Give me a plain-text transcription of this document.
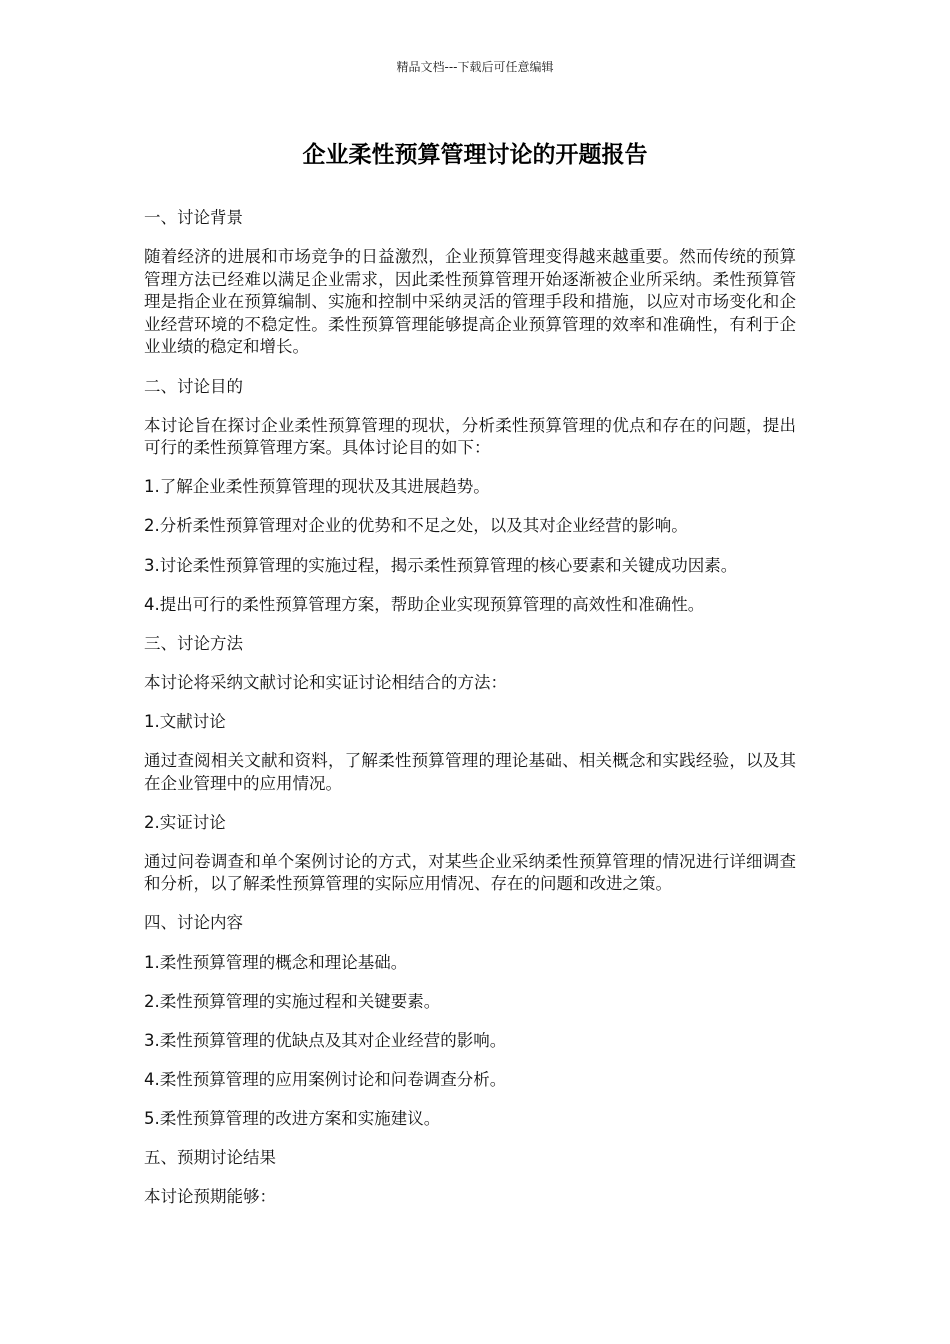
精品文档---下载后可任意编辑
企业柔性预算管理讨论的开题报告

一、讨论背景

随着经济的进展和市场竞争的日益激烈，企业预算管理变得越来越重要。然而传统的预算管理方法已经难以满足企业需求，因此柔性预算管理开始逐渐被企业所采纳。柔性预算管理是指企业在预算编制、实施和控制中采纳灵活的管理手段和措施，以应对市场变化和企业经营环境的不稳定性。柔性预算管理能够提高企业预算管理的效率和准确性，有利于企业业绩的稳定和增长。

二、讨论目的

本讨论旨在探讨企业柔性预算管理的现状，分析柔性预算管理的优点和存在的问题，提出可行的柔性预算管理方案。具体讨论目的如下：

1.了解企业柔性预算管理的现状及其进展趋势。

2.分析柔性预算管理对企业的优势和不足之处，以及其对企业经营的影响。

3.讨论柔性预算管理的实施过程，揭示柔性预算管理的核心要素和关键成功因素。

4.提出可行的柔性预算管理方案，帮助企业实现预算管理的高效性和准确性。

三、讨论方法

本讨论将采纳文献讨论和实证讨论相结合的方法：

1.文献讨论

通过查阅相关文献和资料，了解柔性预算管理的理论基础、相关概念和实践经验，以及其在企业管理中的应用情况。

2.实证讨论

通过问卷调查和单个案例讨论的方式，对某些企业采纳柔性预算管理的情况进行详细调查和分析，以了解柔性预算管理的实际应用情况、存在的问题和改进之策。

四、讨论内容

1.柔性预算管理的概念和理论基础。

2.柔性预算管理的实施过程和关键要素。

3.柔性预算管理的优缺点及其对企业经营的影响。

4.柔性预算管理的应用案例讨论和问卷调查分析。

5.柔性预算管理的改进方案和实施建议。

五、预期讨论结果

本讨论预期能够：
